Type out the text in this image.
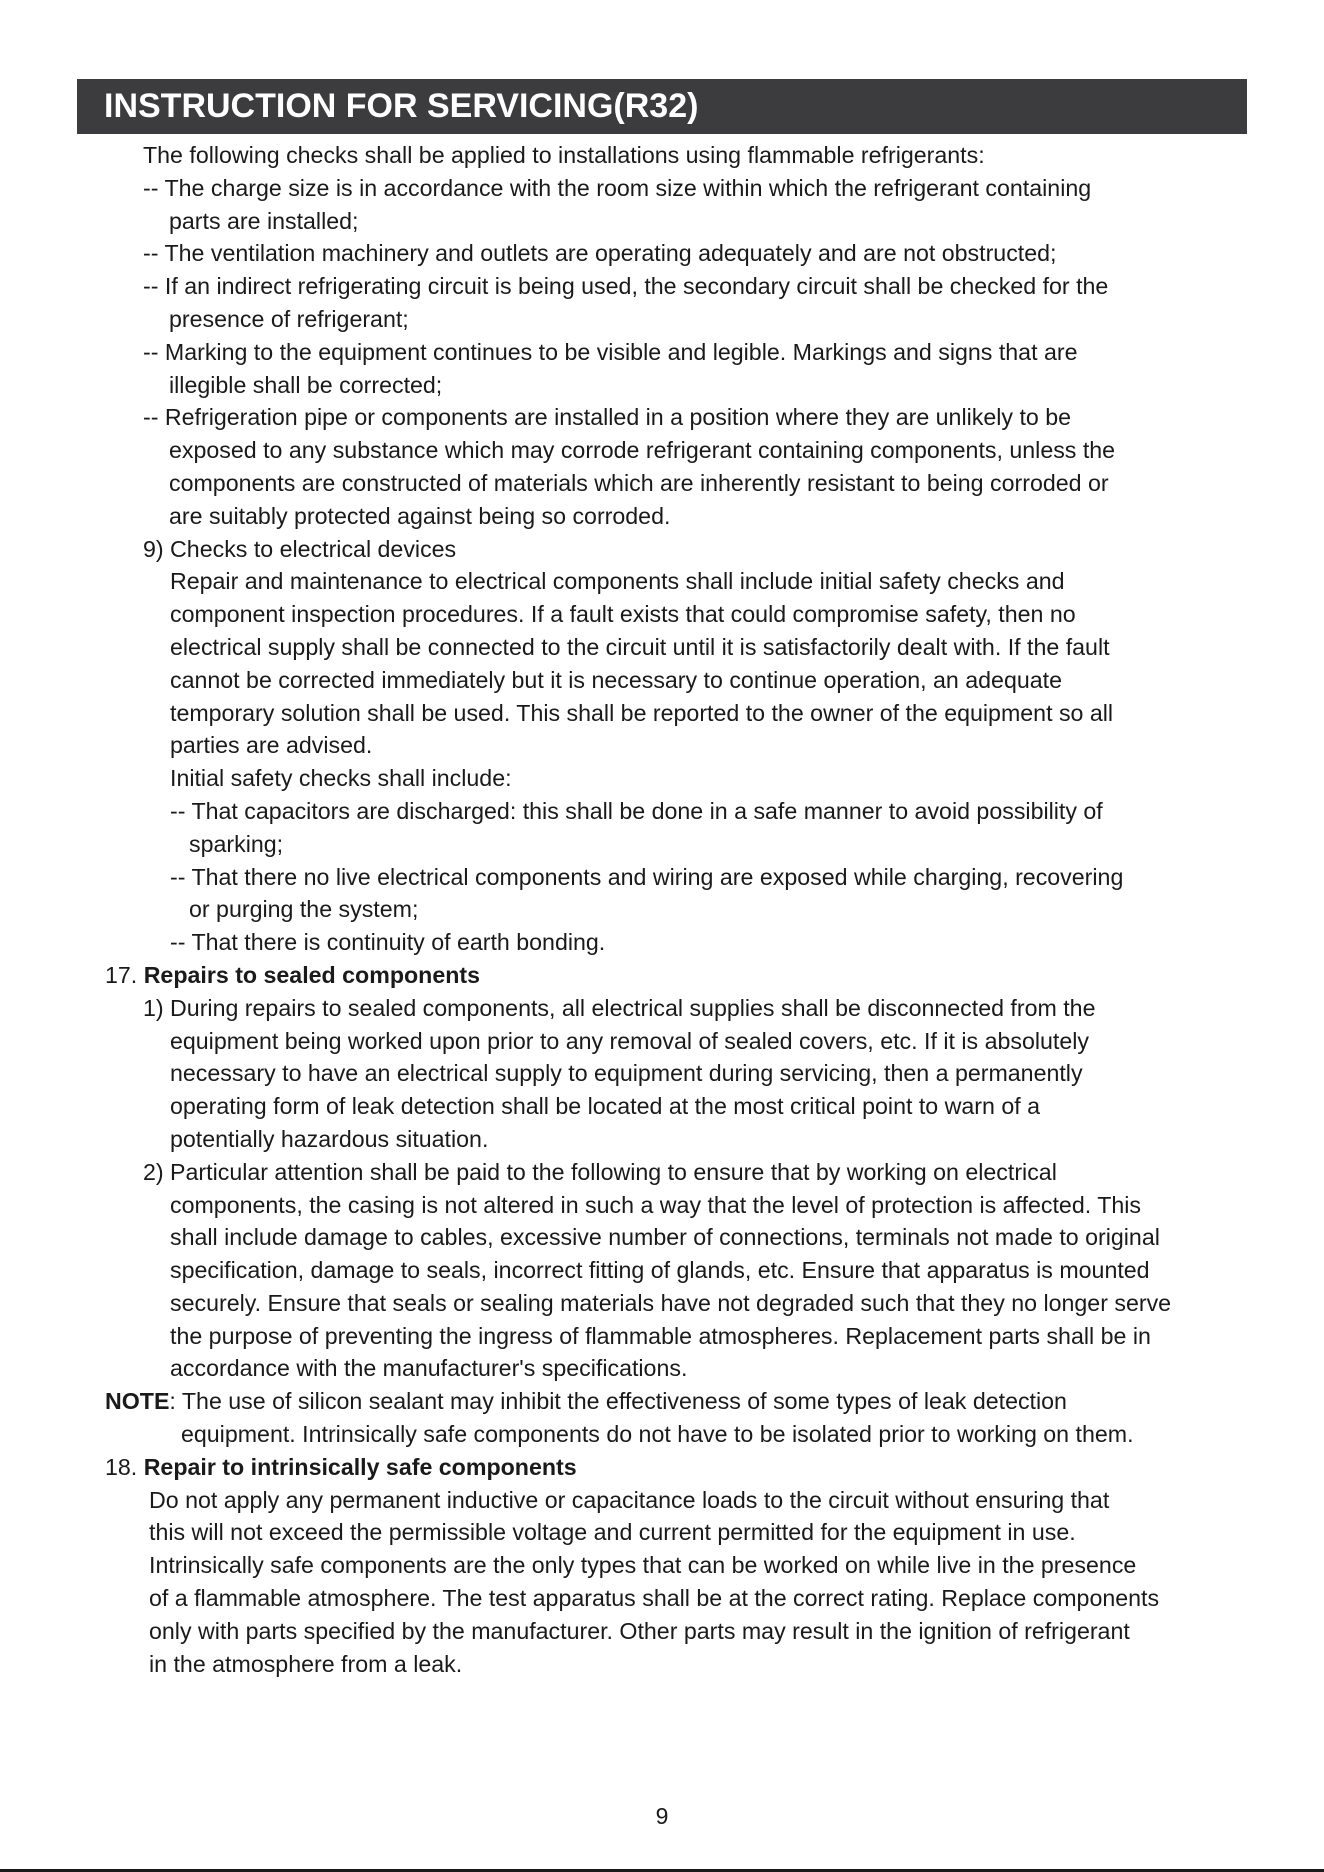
INSTRUCTION FOR SERVICING(R32)
The following checks shall be applied to installations using flammable refrigerants:
-- The charge size is in accordance with the room size within which the refrigerant containing
parts are installed;
-- The ventilation machinery and outlets are operating adequately and are not obstructed;
-- If an indirect refrigerating circuit is being used, the secondary circuit shall be checked for the
presence of refrigerant;
-- Marking to the equipment continues to be visible and legible. Markings and signs that are
illegible shall be corrected;
-- Refrigeration pipe or components are installed in a position where they are unlikely to be
exposed to any substance which may corrode refrigerant containing components, unless the
components are constructed of materials which are inherently resistant to being corroded or
are suitably protected against being so corroded.
9) Checks to electrical devices
Repair and maintenance to electrical components shall include initial safety checks and
component inspection procedures. If a fault exists that could compromise safety, then no
electrical supply shall be connected to the circuit until it is satisfactorily dealt with. If the fault
cannot be corrected immediately but it is necessary to continue operation, an adequate
temporary solution shall be used. This shall be reported to the owner of the equipment so all
parties are advised.
Initial safety checks shall include:
-- That capacitors are discharged: this shall be done in a safe manner to avoid possibility of
sparking;
-- That there no live electrical components and wiring are exposed while charging, recovering
or purging the system;
-- That there is continuity of earth bonding.
17. Repairs to sealed components
1) During repairs to sealed components, all electrical supplies shall be disconnected from the
equipment being worked upon prior to any removal of sealed covers, etc. If it is absolutely
necessary to have an electrical supply to equipment during servicing, then a permanently
operating form of leak detection shall be located at the most critical point to warn of a
potentially hazardous situation.
2) Particular attention shall be paid to the following to ensure that by working on electrical
components, the casing is not altered in such a way that the level of protection is affected. This
shall include damage to cables, excessive number of connections, terminals not made to original
specification, damage to seals, incorrect fitting of glands, etc. Ensure that apparatus is mounted
securely. Ensure that seals or sealing materials have not degraded such that they no longer serve
the purpose of preventing the ingress of flammable atmospheres. Replacement parts shall be in
accordance with the manufacturer's specifications.
NOTE: The use of silicon sealant may inhibit the effectiveness of some types of leak detection
equipment. Intrinsically safe components do not have to be isolated prior to working on them.
18. Repair to intrinsically safe components
Do not apply any permanent inductive or capacitance loads to the circuit without ensuring that
this will not exceed the permissible voltage and current permitted for the equipment in use.
Intrinsically safe components are the only types that can be worked on while live in the presence
of a flammable atmosphere. The test apparatus shall be at the correct rating. Replace components
only with parts specified by the manufacturer. Other parts may result in the ignition of refrigerant
in the atmosphere from a leak.
9
